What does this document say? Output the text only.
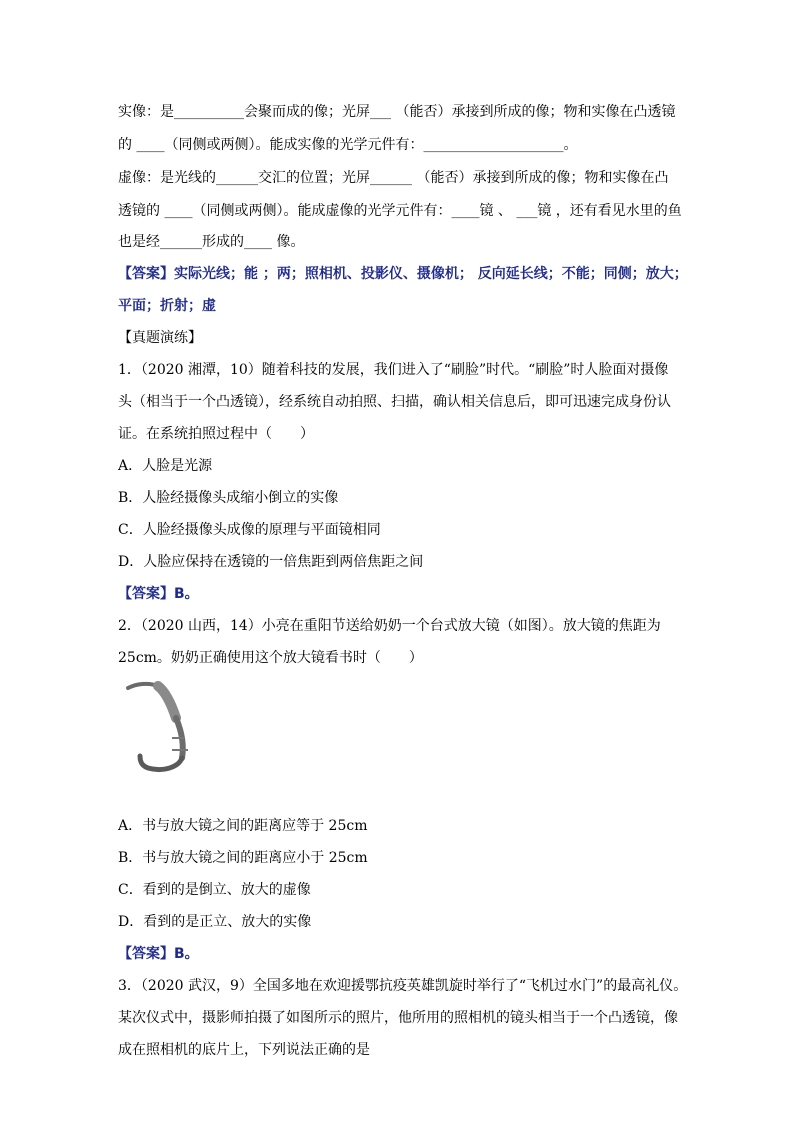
实像：是__________会聚而成的像；光屏___ （能否）承接到所成的像；物和实像在凸透镜
的 ____（同侧或两侧）。能成实像的光学元件有：____________________。
虚像：是光线的______交汇的位置；光屏______ （能否）承接到所成的像；物和实像在凸
透镜的 ____（同侧或两侧）。能成虚像的光学元件有：____镜 、 ___镜 ，还有看见水里的鱼
也是经______形成的____ 像。
【答案】实际光线；能 ；两；照相机、投影仪、摄像机； 反向延长线；不能；同侧；放大；
平面；折射；虚
【真题演练】
1．（2020 湘潭，10）随着科技的发展，我们进入了“刷脸”时代。“刷脸”时人脸面对摄像
头（相当于一个凸透镜），经系统自动拍照、扫描，确认相关信息后，即可迅速完成身份认
证。在系统拍照过程中（　　）
A．人脸是光源
B．人脸经摄像头成缩小倒立的实像
C．人脸经摄像头成像的原理与平面镜相同
D．人脸应保持在透镜的一倍焦距到两倍焦距之间
【答案】B。
2．（2020 山西，14）小亮在重阳节送给奶奶一个台式放大镜（如图）。放大镜的焦距为
25cm。奶奶正确使用这个放大镜看书时（　　）
A．书与放大镜之间的距离应等于 25cm
B．书与放大镜之间的距离应小于 25cm
C．看到的是倒立、放大的虚像
D．看到的是正立、放大的实像
【答案】B。
3．（2020 武汉，9）全国多地在欢迎援鄂抗疫英雄凯旋时举行了“飞机过水门”的最高礼仪。
某次仪式中，摄影师拍摄了如图所示的照片，他所用的照相机的镜头相当于一个凸透镜，像
成在照相机的底片上，下列说法正确的是
